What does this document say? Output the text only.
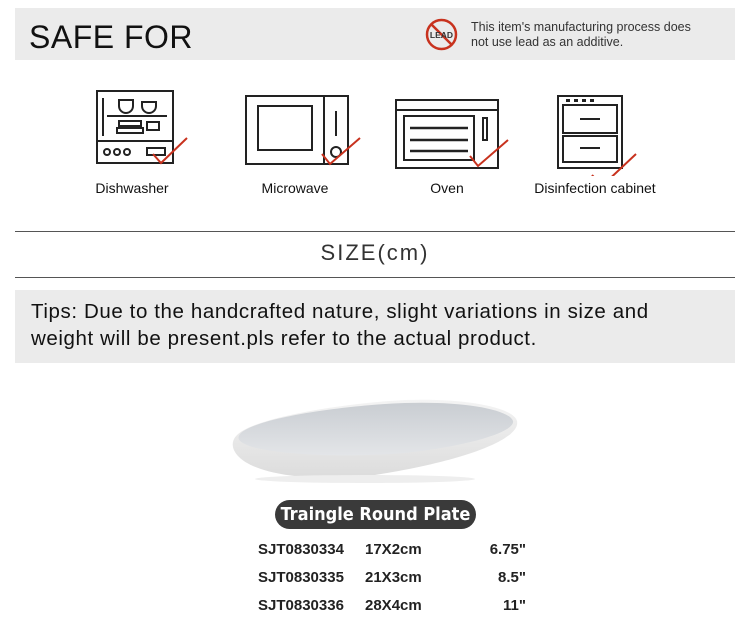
SAFE FOR	LEAD
This item's manufacturing process does
not use lead as an additive.
Dishwasher	Microwave	Oven	Disinfection cabinet
SIZE(cm)
Tips: Due to the handcrafted nature, slight variations in size and
weight will be present.pls refer to the actual product.
Traingle Round Plate
SJT0830334 17X2cm	6.75"
SJT0830335 21X3cm	8.5"
SJT0830336 28X4cm	11"
